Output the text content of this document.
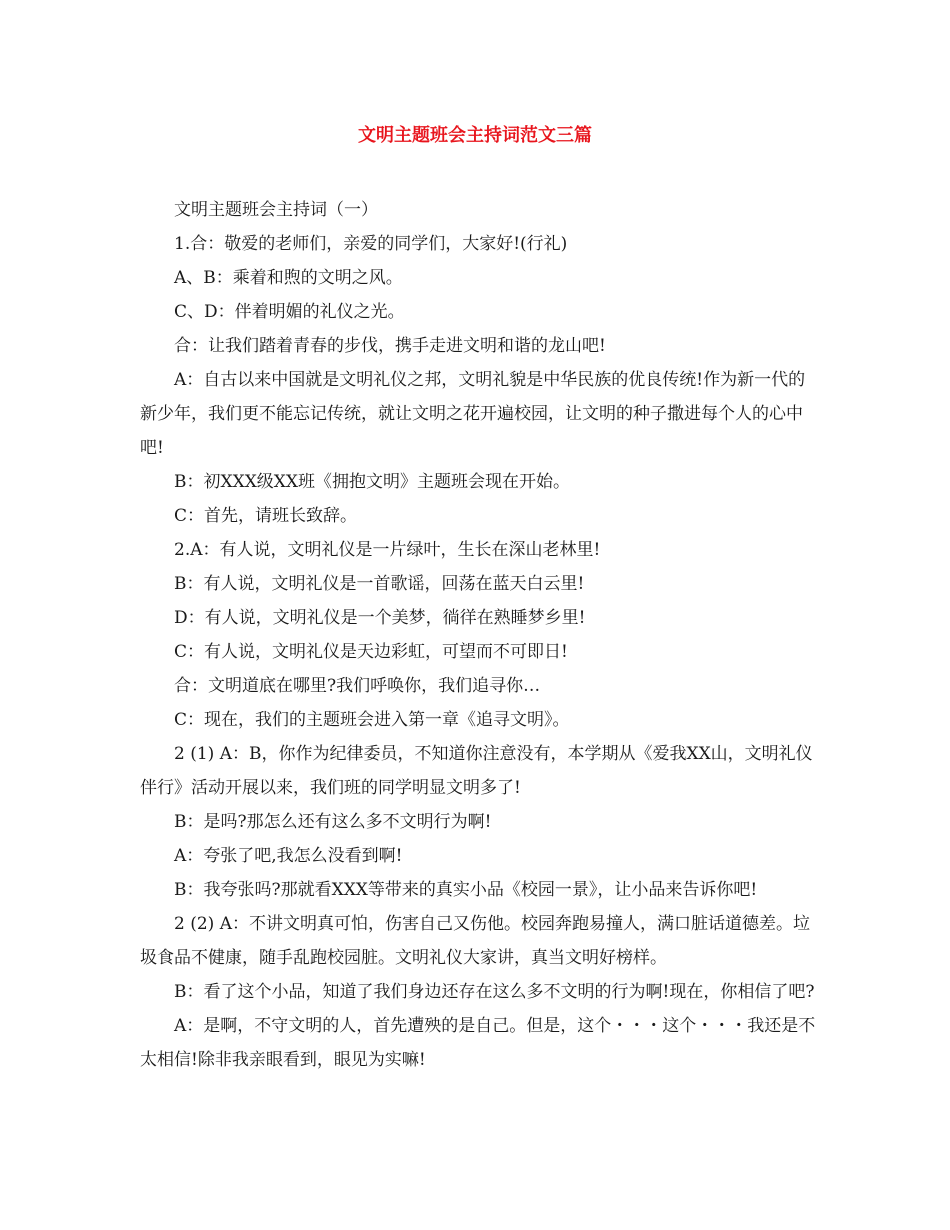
文明主题班会主持词范文三篇

文明主题班会主持词（一）

1.合：敬爱的老师们，亲爱的同学们，大家好!(行礼)

A、B：乘着和煦的文明之风。

C、D：伴着明媚的礼仪之光。

合：让我们踏着青春的步伐，携手走进文明和谐的龙山吧!

A：自古以来中国就是文明礼仪之邦，文明礼貌是中华民族的优良传统!作为新一代的新少年，我们更不能忘记传统，就让文明之花开遍校园，让文明的种子撒进每个人的心中吧!

B：初XXX级XX班《拥抱文明》主题班会现在开始。

C：首先，请班长致辞。

2.A：有人说，文明礼仪是一片绿叶，生长在深山老林里!

B：有人说，文明礼仪是一首歌谣，回荡在蓝天白云里!

D：有人说，文明礼仪是一个美梦，徜徉在熟睡梦乡里!

C：有人说，文明礼仪是天边彩虹，可望而不可即日!

合：文明道底在哪里?我们呼唤你，我们追寻你…

C：现在，我们的主题班会进入第一章《追寻文明》。

2 (1) A：B，你作为纪律委员，不知道你注意没有，本学期从《爱我XX山，文明礼仪伴行》活动开展以来，我们班的同学明显文明多了!

B：是吗?那怎么还有这么多不文明行为啊!

A：夸张了吧,我怎么没看到啊!

B：我夸张吗?那就看XXX等带来的真实小品《校园一景》，让小品来告诉你吧!

2 (2) A：不讲文明真可怕，伤害自己又伤他。校园奔跑易撞人，满口脏话道德差。垃圾食品不健康，随手乱跑校园脏。文明礼仪大家讲，真当文明好榜样。

B：看了这个小品，知道了我们身边还存在这么多不文明的行为啊!现在，你相信了吧?

A：是啊，不守文明的人，首先遭殃的是自己。但是，这个・・・这个・・・我还是不太相信!除非我亲眼看到，眼见为实嘛!
